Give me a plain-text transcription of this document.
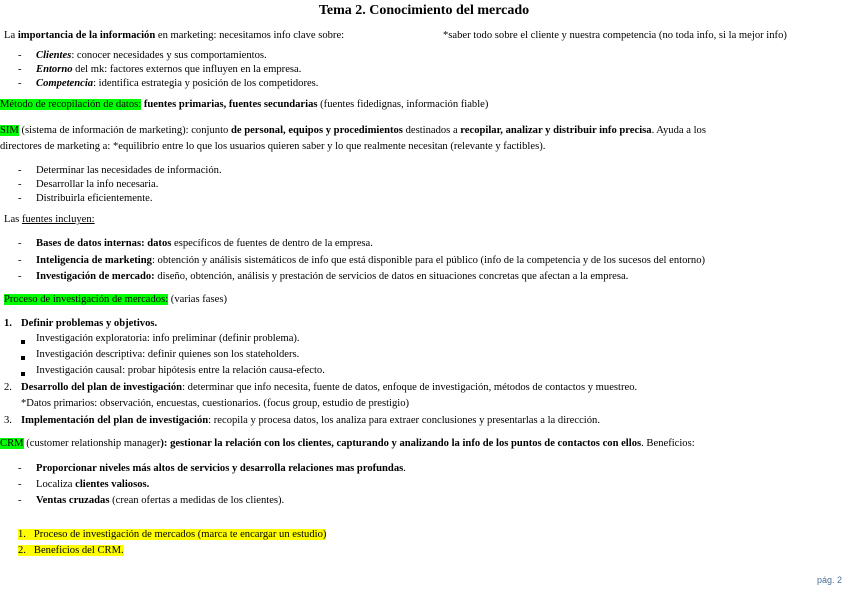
Tema 2. Conocimiento del mercado
La importancia de la información en marketing: necesitamos info clave sobre:	*saber todo sobre el cliente y nuestra competencia (no toda info, si la mejor info)
- Clientes: conocer necesidades y sus comportamientos.
- Entorno del mk: factores externos que influyen en la empresa.
- Competencia: identifica estrategia y posición de los competidores.
Método de recopilación de datos: fuentes primarias, fuentes secundarias (fuentes fidedignas, información fiable)
SIM (sistema de información de marketing): conjunto de personal, equipos y procedimientos destinados a recopilar, analizar y distribuir info precisa. Ayuda a los
directores de marketing a: *equilibrio entre lo que los usuarios quieren saber y lo que realmente necesitan (relevante y factibles).
- Determinar las necesidades de información.
- Desarrollar la info necesaria.
- Distribuirla eficientemente.
Las fuentes incluyen:
- Bases de datos internas: datos específicos de fuentes de dentro de la empresa.
- Inteligencia de marketing: obtención y análisis sistemáticos de info que está disponible para el público (info de la competencia y de los sucesos del entorno)
- Investigación de mercado: diseño, obtención, análisis y prestación de servicios de datos en situaciones concretas que afectan a la empresa.
Proceso de investigación de mercados: (varias fases)
1. Definir problemas y objetivos.
Investigación exploratoria: info preliminar (definir problema).
Investigación descriptiva: definir quienes son los stateholders.
Investigación causal: probar hipótesis entre la relación causa-efecto.
2. Desarrollo del plan de investigación: determinar que info necesita, fuente de datos, enfoque de investigación, métodos de contactos y muestreo.
*Datos primarios: observación, encuestas, cuestionarios. (focus group, estudio de prestigio)
3. Implementación del plan de investigación: recopila y procesa datos, los analiza para extraer conclusiones y presentarlas a la dirección.
CRM (customer relationship manager): gestionar la relación con los clientes, capturando y analizando la info de los puntos de contactos con ellos. Beneficios:
- Proporcionar niveles más altos de servicios y desarrolla relaciones mas profundas.
- Localiza clientes valiosos.
- Ventas cruzadas (crean ofertas a medidas de los clientes).
1. Proceso de investigación de mercados (marca te encargar un estudio)
2. Beneficios del CRM.
pág. 2
